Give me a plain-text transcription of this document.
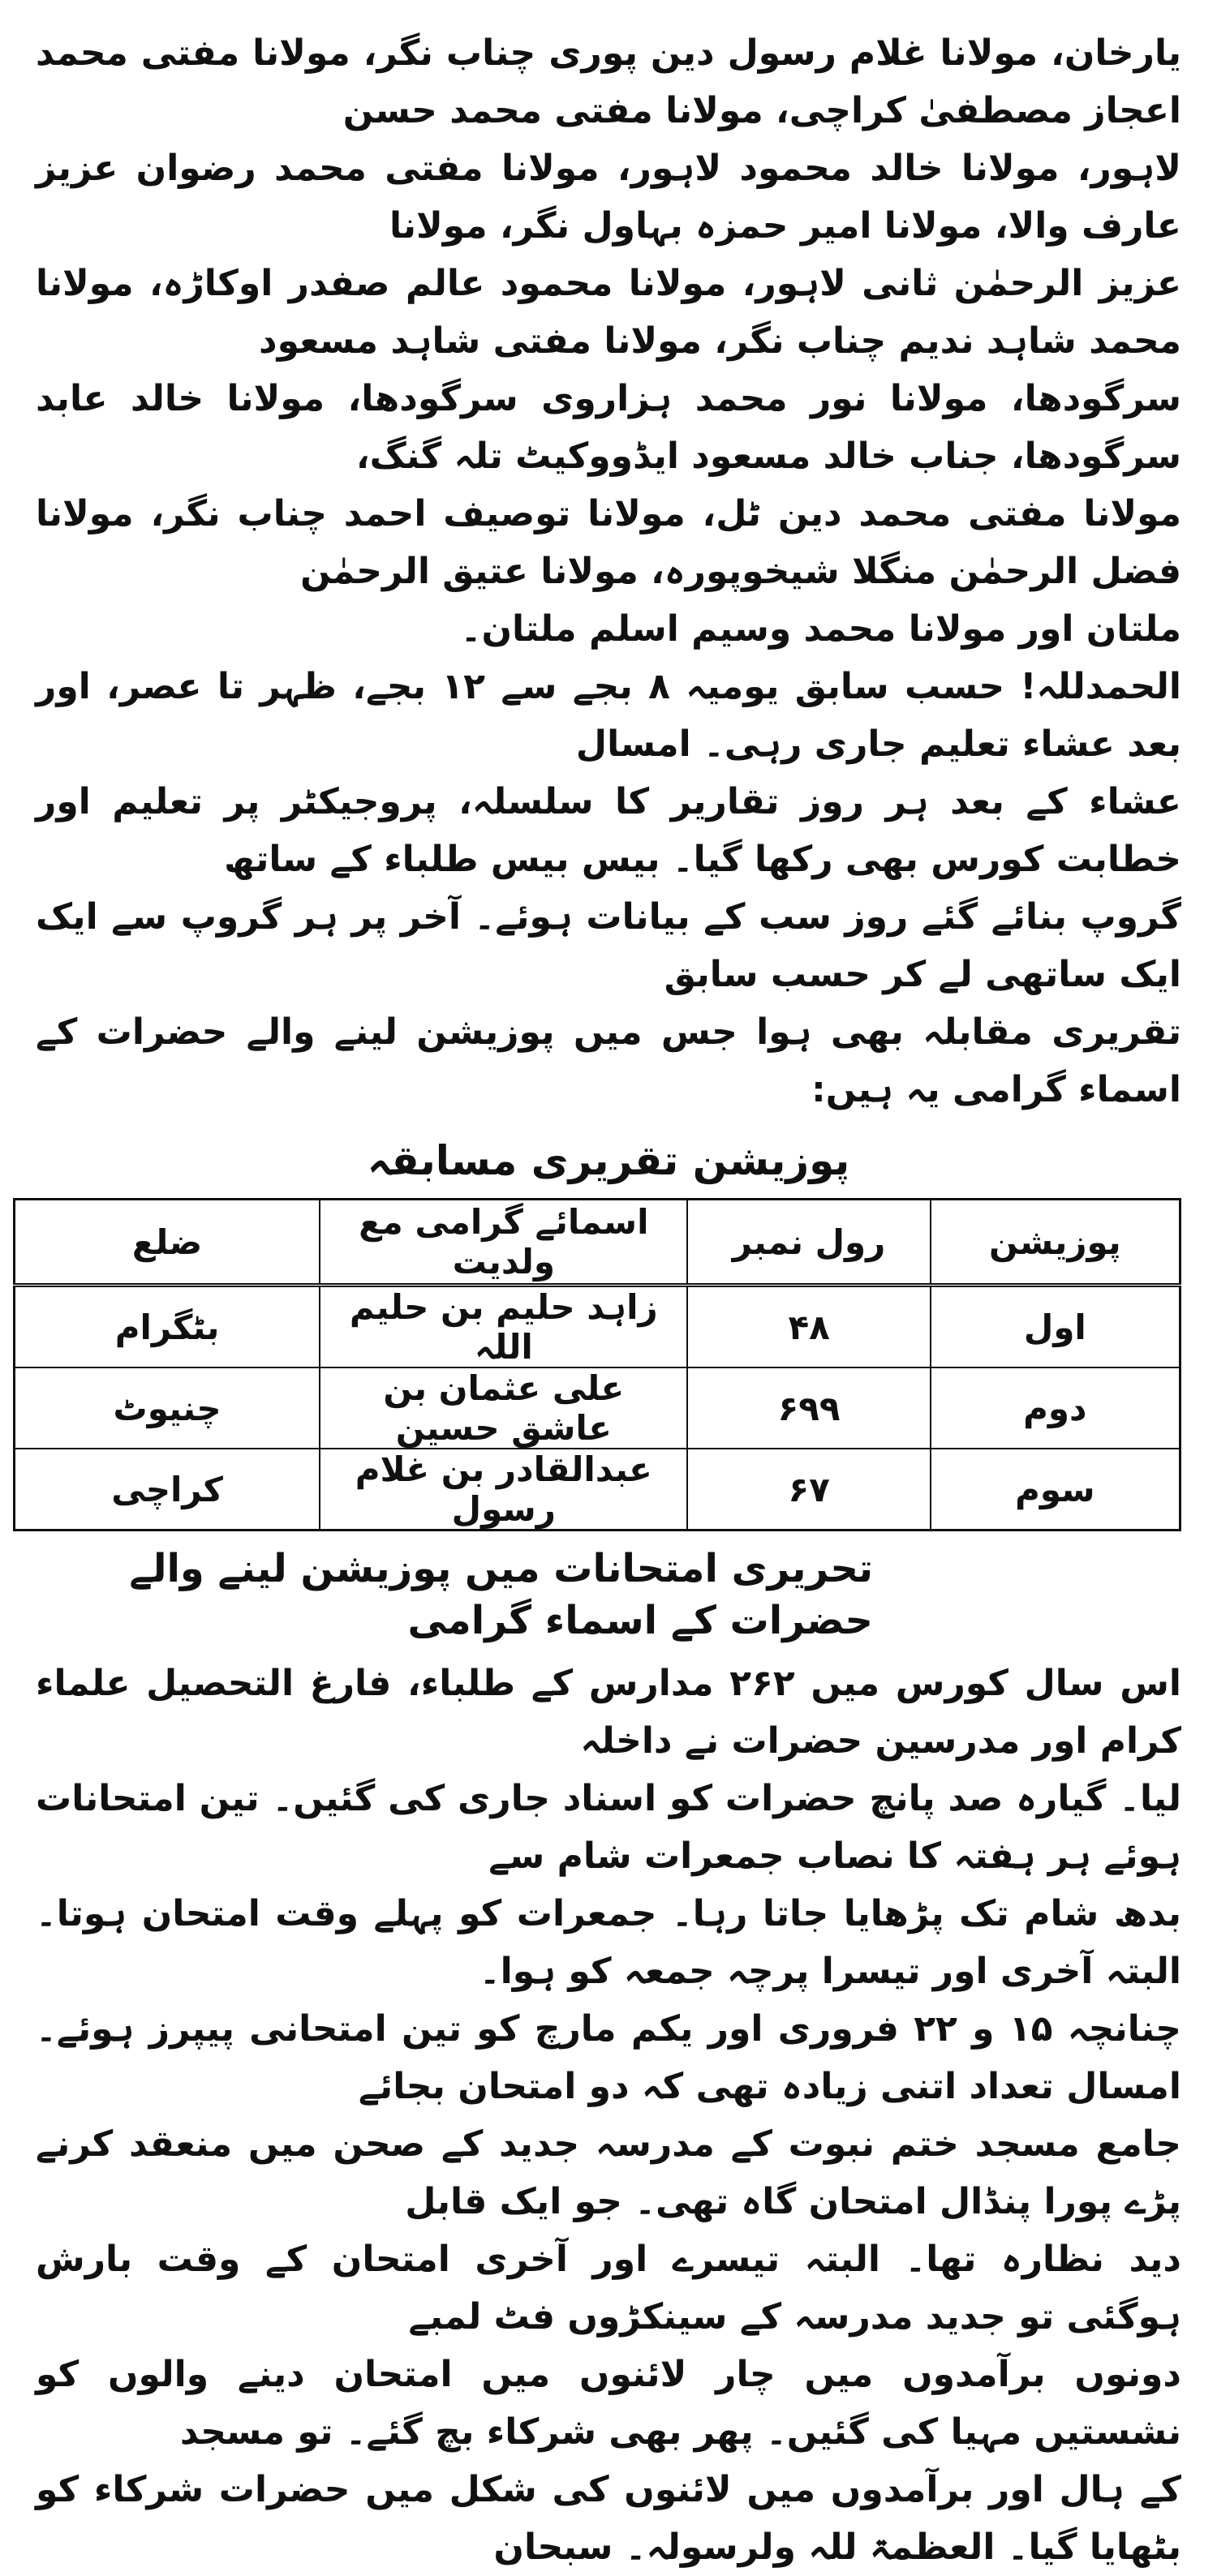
یارخان، مولانا غلام رسول دین پوری چناب نگر، مولانا مفتی محمد اعجاز مصطفیٰ کراچی، مولانا مفتی محمد حسن

لاہور، مولانا خالد محمود لاہور، مولانا مفتی محمد رضوان عزیز عارف والا، مولانا امیر حمزہ بہاول نگر، مولانا

عزیز الرحمٰن ثانی لاہور، مولانا محمود عالم صفدر اوکاڑہ، مولانا محمد شاہد ندیم چناب نگر، مولانا مفتی شاہد مسعود

سرگودھا، مولانا نور محمد ہزاروی سرگودھا، مولانا خالد عابد سرگودھا، جناب خالد مسعود ایڈووکیٹ تلہ گنگ،

مولانا مفتی محمد دین ٹل، مولانا توصیف احمد چناب نگر، مولانا فضل الرحمٰن منگلا شیخوپورہ، مولانا عتیق الرحمٰن

ملتان اور مولانا محمد وسیم اسلم ملتان۔

الحمدللہ! حسب سابق یومیہ ۸ بجے سے ۱۲ بجے، ظہر تا عصر، اور بعد عشاء تعلیم جاری رہی۔ امسال

عشاء کے بعد ہر روز تقاریر کا سلسلہ، پروجیکٹر پر تعلیم اور خطابت کورس بھی رکھا گیا۔ بیس بیس طلباء کے ساتھ

گروپ بنائے گئے روز سب کے بیانات ہوئے۔ آخر پر ہر گروپ سے ایک ایک ساتھی لے کر حسب سابق

تقریری مقابلہ بھی ہوا جس میں پوزیشن لینے والے حضرات کے اسماء گرامی یہ ہیں:

پوزیشن تقریری مسابقہ
پوزیشن	رول نمبر	اسمائے گرامی مع ولدیت	ضلع
اول	۴۸	زاہد حلیم بن حلیم اللہ	بٹگرام
دوم	۶۹۹	علی عثمان بن عاشق حسین	چنیوٹ
سوم	۶۷	عبدالقادر بن غلام رسول	کراچی
تحریری امتحانات میں پوزیشن لینے والے حضرات کے اسماء گرامی

اس سال کورس میں ۲۶۲ مدارس کے طلباء، فارغ التحصیل علماء کرام اور مدرسین حضرات نے داخلہ

لیا۔ گیارہ صد پانچ حضرات کو اسناد جاری کی گئیں۔ تین امتحانات ہوئے ہر ہفتہ کا نصاب جمعرات شام سے

بدھ شام تک پڑھایا جاتا رہا۔ جمعرات کو پہلے وقت امتحان ہوتا۔ البتہ آخری اور تیسرا پرچہ جمعہ کو ہوا۔

چنانچہ ۱۵ و ۲۲ فروری اور یکم مارچ کو تین امتحانی پیپرز ہوئے۔ امسال تعداد اتنی زیادہ تھی کہ دو امتحان بجائے

جامع مسجد ختم نبوت کے مدرسہ جدید کے صحن میں منعقد کرنے پڑے پورا پنڈال امتحان گاہ تھی۔ جو ایک قابل

دید نظارہ تھا۔ البتہ تیسرے اور آخری امتحان کے وقت بارش ہوگئی تو جدید مدرسہ کے سینکڑوں فٹ لمبے

دونوں برآمدوں میں چار لائنوں میں امتحان دینے والوں کو نشستیں مہیا کی گئیں۔ پھر بھی شرکاء بچ گئے۔ تو مسجد

کے ہال اور برآمدوں میں لائنوں کی شکل میں حضرات شرکاء کو بٹھایا گیا۔ العظمۃ للہ ولرسولہ۔ سبحان
